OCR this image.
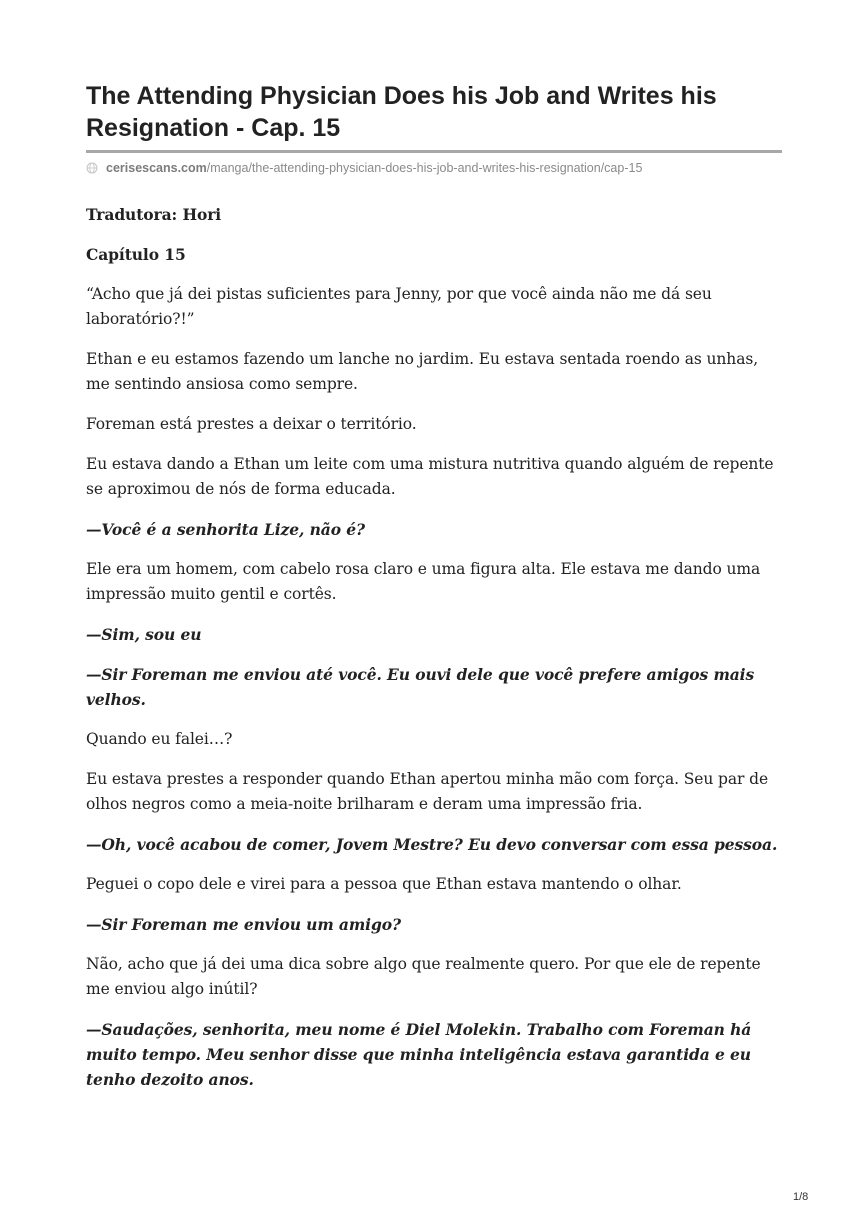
The Attending Physician Does his Job and Writes his Resignation - Cap. 15
cerisescans.com /manga/the-attending-physician-does-his-job-and-writes-his-resignation/cap-15

Tradutora: Hori

Capítulo 15

“Acho que já dei pistas suficientes para Jenny, por que você ainda não me dá seu laboratório?!”

Ethan e eu estamos fazendo um lanche no jardim. Eu estava sentada roendo as unhas, me sentindo ansiosa como sempre.

Foreman está prestes a deixar o território.

Eu estava dando a Ethan um leite com uma mistura nutritiva quando alguém de repente se aproximou de nós de forma educada.

—Você é a senhorita Lize, não é?

Ele era um homem, com cabelo rosa claro e uma figura alta. Ele estava me dando uma impressão muito gentil e cortês.

—Sim, sou eu

—Sir Foreman me enviou até você. Eu ouvi dele que você prefere amigos mais velhos.

Quando eu falei…?

Eu estava prestes a responder quando Ethan apertou minha mão com força. Seu par de olhos negros como a meia-noite brilharam e deram uma impressão fria.

—Oh, você acabou de comer, Jovem Mestre? Eu devo conversar com essa pessoa.

Peguei o copo dele e virei para a pessoa que Ethan estava mantendo o olhar.

—Sir Foreman me enviou um amigo?

Não, acho que já dei uma dica sobre algo que realmente quero. Por que ele de repente me enviou algo inútil?

—Saudações, senhorita, meu nome é Diel Molekin. Trabalho com Foreman há muito tempo. Meu senhor disse que minha inteligência estava garantida e eu tenho dezoito anos.

1/8
